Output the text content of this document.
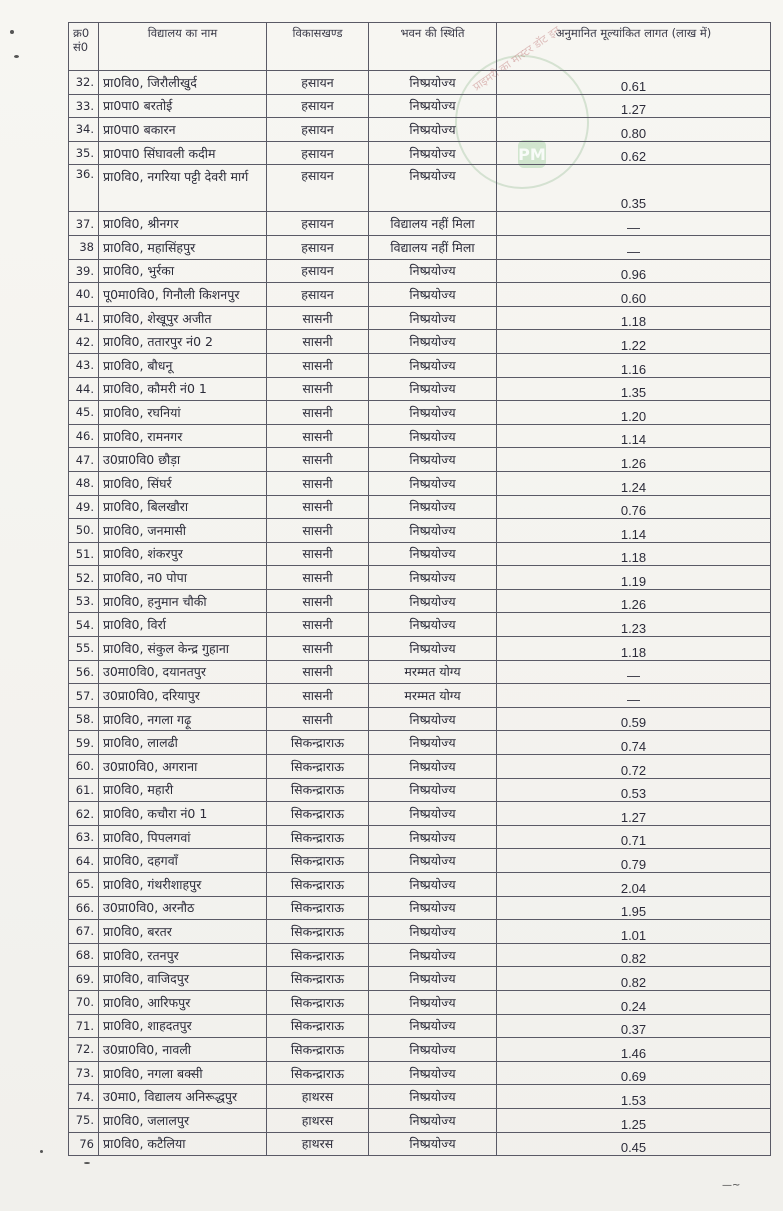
प्राइमरी का मास्टर डॉट इन
PM
क्र0 सं0	विद्यालय का नाम	विकासखण्ड	भवन की स्थिति	अनुमानित मूल्यांकित लागत (लाख में)
32.	प्रा0वि0, जिरौलीखुर्द	हसायन	निष्प्रयोज्य	0.61
33.	प्रा0पा0 बरतोई	हसायन	निष्प्रयोज्य	1.27
34.	प्रा0पा0 बकारन	हसायन	निष्प्रयोज्य	0.80
35.	प्रा0पा0 सिंघावली कदीम	हसायन	निष्प्रयोज्य	0.62
36.	प्रा0वि0, नगरिया पट्टी देवरी मार्ग	हसायन	निष्प्रयोज्य	0.35
37.	प्रा0वि0, श्रीनगर	हसायन	विद्यालय नहीं मिला	—
38	प्रा0वि0, महासिंहपुर	हसायन	विद्यालय नहीं मिला	—
39.	प्रा0वि0, भुर्रका	हसायन	निष्प्रयोज्य	0.96
40.	पू0मा0वि0, गिनौली किशनपुर	हसायन	निष्प्रयोज्य	0.60
41.	प्रा0वि0, शेखूपुर अजीत	सासनी	निष्प्रयोज्य	1.18
42.	प्रा0वि0, ततारपुर नं0 2	सासनी	निष्प्रयोज्य	1.22
43.	प्रा0वि0, बौधनू	सासनी	निष्प्रयोज्य	1.16
44.	प्रा0वि0, कौमरी नं0 1	सासनी	निष्प्रयोज्य	1.35
45.	प्रा0वि0, रघनियां	सासनी	निष्प्रयोज्य	1.20
46.	प्रा0वि0, रामनगर	सासनी	निष्प्रयोज्य	1.14
47.	उ0प्रा0वि0 छौड़ा	सासनी	निष्प्रयोज्य	1.26
48.	प्रा0वि0, सिंघर्र	सासनी	निष्प्रयोज्य	1.24
49.	प्रा0वि0, बिलखौरा	सासनी	निष्प्रयोज्य	0.76
50.	प्रा0वि0, जनमासी	सासनी	निष्प्रयोज्य	1.14
51.	प्रा0वि0, शंकरपुर	सासनी	निष्प्रयोज्य	1.18
52.	प्रा0वि0, न0 पोपा	सासनी	निष्प्रयोज्य	1.19
53.	प्रा0वि0, हनुमान चौकी	सासनी	निष्प्रयोज्य	1.26
54.	प्रा0वि0, विर्रा	सासनी	निष्प्रयोज्य	1.23
55.	प्रा0वि0, संकुल केन्द्र गुहाना	सासनी	निष्प्रयोज्य	1.18
56.	उ0मा0वि0, दयानतपुर	सासनी	मरम्मत योग्य	—
57.	उ0प्रा0वि0, दरियापुर	सासनी	मरम्मत योग्य	—
58.	प्रा0वि0, नगला गढ़ू	सासनी	निष्प्रयोज्य	0.59
59.	प्रा0वि0, लालढी	सिकन्द्राराऊ	निष्प्रयोज्य	0.74
60.	उ0प्रा0वि0, अगराना	सिकन्द्राराऊ	निष्प्रयोज्य	0.72
61.	प्रा0वि0, महारी	सिकन्द्राराऊ	निष्प्रयोज्य	0.53
62.	प्रा0वि0, कचौरा नं0 1	सिकन्द्राराऊ	निष्प्रयोज्य	1.27
63.	प्रा0वि0, पिपलगवां	सिकन्द्राराऊ	निष्प्रयोज्य	0.71
64.	प्रा0वि0, दहगवाँ	सिकन्द्राराऊ	निष्प्रयोज्य	0.79
65.	प्रा0वि0, गंथरीशाहपुर	सिकन्द्राराऊ	निष्प्रयोज्य	2.04
66.	उ0प्रा0वि0, अरनौठ	सिकन्द्राराऊ	निष्प्रयोज्य	1.95
67.	प्रा0वि0, बरतर	सिकन्द्राराऊ	निष्प्रयोज्य	1.01
68.	प्रा0वि0, रतनपुर	सिकन्द्राराऊ	निष्प्रयोज्य	0.82
69.	प्रा0वि0, वाजिदपुर	सिकन्द्राराऊ	निष्प्रयोज्य	0.82
70.	प्रा0वि0, आरिफपुर	सिकन्द्राराऊ	निष्प्रयोज्य	0.24
71.	प्रा0वि0, शाहदतपुर	सिकन्द्राराऊ	निष्प्रयोज्य	0.37
72.	उ0प्रा0वि0, नावली	सिकन्द्राराऊ	निष्प्रयोज्य	1.46
73.	प्रा0वि0, नगला बक्सी	सिकन्द्राराऊ	निष्प्रयोज्य	0.69
74.	उ0मा0, विद्यालय अनिरूद्धपुर	हाथरस	निष्प्रयोज्य	1.53
75.	प्रा0वि0, जलालपुर	हाथरस	निष्प्रयोज्य	1.25
76	प्रा0वि0, कटैलिया	हाथरस	निष्प्रयोज्य	0.45
—~
